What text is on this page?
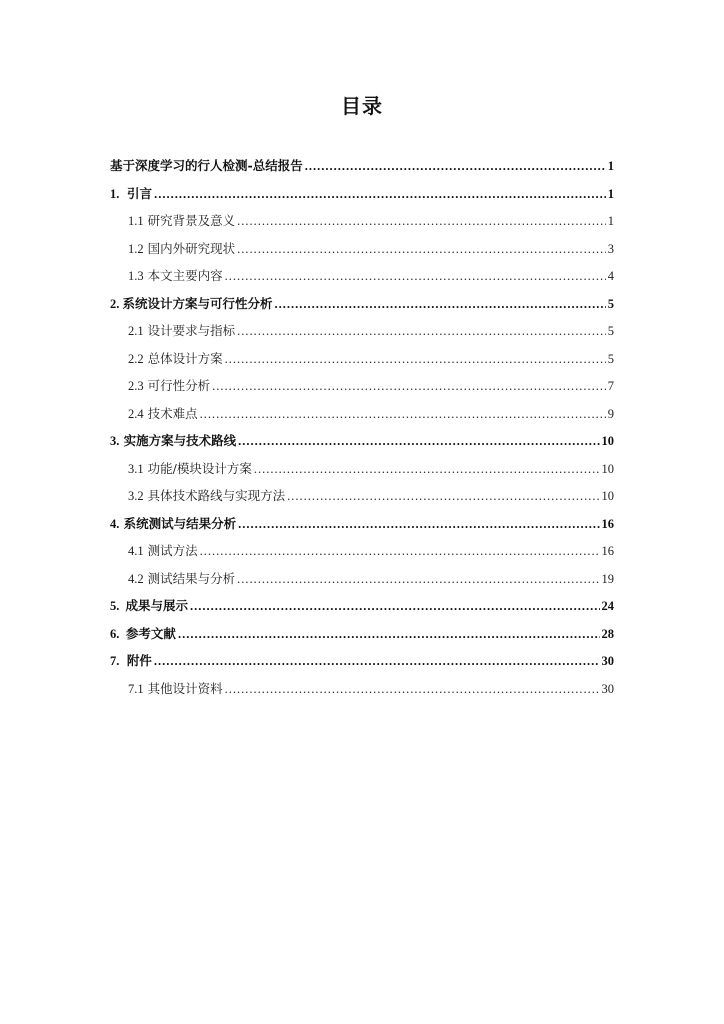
目录
基于深度学习的行人检测-总结报告 .....	1
1. 引言 .....	1
1.1 研究背景及意义 .....	1
1.2 国内外研究现状 .....	3
1.3 本文主要内容 .....	4
2. 系统设计方案与可行性分析 .....	5
2.1 设计要求与指标 .....	5
2.2 总体设计方案 .....	5
2.3 可行性分析 .....	7
2.4 技术难点 .....	9
3. 实施方案与技术路线 .....	10
3.1 功能/模块设计方案 .....	10
3.2 具体技术路线与实现方法 .....	10
4. 系统测试与结果分析 .....	16
4.1 测试方法 .....	16
4.2 测试结果与分析 .....	19
5. 成果与展示 .....	24
6. 参考文献 .....	28
7. 附件 .....	30
7.1 其他设计资料 .....	30
